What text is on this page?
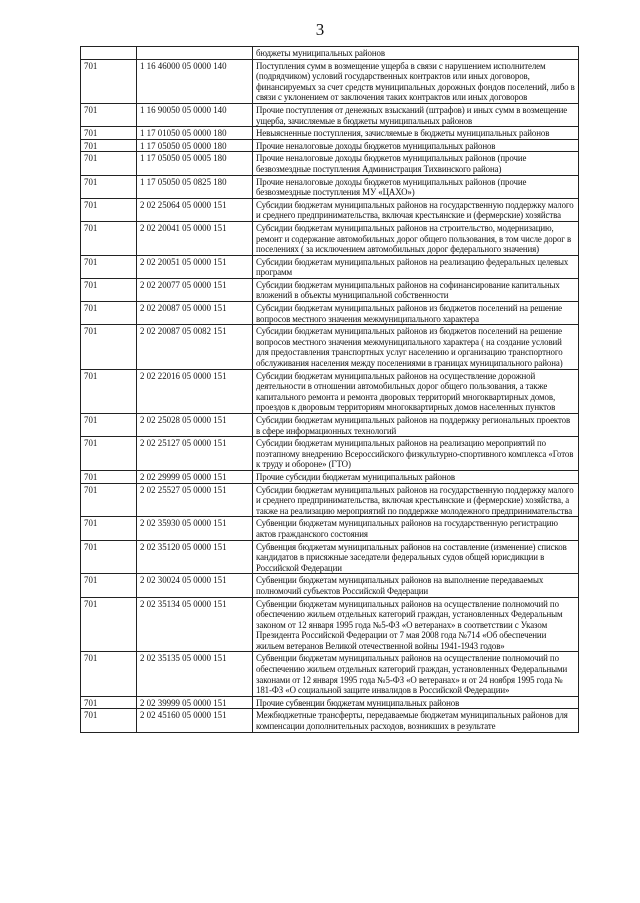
3
		бюджеты муниципальных районов
701	1 16 46000 05 0000 140	Поступления сумм в возмещение ущерба в связи с нарушением исполнителем (подрядчиком) условий государственных контрактов или иных договоров, финансируемых за счет средств муниципальных дорожных фондов поселений, либо в связи с уклонением от заключения таких контрактов или иных договоров
701	1 16 90050 05 0000 140	Прочие поступления от денежных взысканий (штрафов) и иных сумм в возмещение ущерба, зачисляемые в бюджеты муниципальных районов
701	1 17 01050 05 0000 180	Невыясненные поступления, зачисляемые в бюджеты муниципальных районов
701	1 17 05050 05 0000 180	Прочие неналоговые доходы бюджетов муниципальных районов
701	1 17 05050 05 0005 180	Прочие неналоговые доходы бюджетов муниципальных районов (прочие безвозмездные поступления Администрация Тихвинского района)
701	1 17 05050 05 0825 180	Прочие неналоговые доходы бюджетов муниципальных районов (прочие безвозмездные поступления МУ «ЦАХО»)
701	2 02 25064 05 0000 151	Субсидии бюджетам муниципальных районов на государственную поддержку малого и среднего предпринимательства, включая крестьянские и (фермерские) хозяйства
701	2 02 20041 05 0000 151	Субсидии бюджетам муниципальных районов на строительство, модернизацию, ремонт и содержание автомобильных дорог общего пользования, в том числе дорог в поселениях ( за исключением автомобильных дорог федерального значения)
701	2 02 20051 05 0000 151	Субсидии бюджетам муниципальных районов на реализацию федеральных целевых программ
701	2 02 20077 05 0000 151	Субсидии бюджетам муниципальных районов на софинансирование капитальных вложений в объекты муниципальной собственности
701	2 02 20087 05 0000 151	Субсидии бюджетам муниципальных районов из бюджетов поселений на решение вопросов местного значения межмуниципального характера
701	2 02 20087 05 0082 151	Субсидии бюджетам муниципальных районов из бюджетов поселений на решение вопросов местного значения межмуниципального характера ( на создание условий для предоставления транспортных услуг населению и организацию транспортного обслуживания населения между поселениями в границах муниципального района)
701	2 02 22016 05 0000 151	Субсидии бюджетам муниципальных районов на осуществление дорожной деятельности в отношении автомобильных дорог общего пользования, а также капитального ремонта и ремонта дворовых территорий многоквартирных домов, проездов к дворовым территориям многоквартирных домов населенных пунктов
701	2 02 25028 05 0000 151	Субсидии бюджетам муниципальных районов на поддержку региональных проектов в сфере информационных технологий
701	2 02 25127 05 0000 151	Субсидии бюджетам муниципальных районов на реализацию мероприятий по поэтапному внедрению Всероссийского физкультурно-спортивного комплекса «Готов к труду и обороне» (ГТО)
701	2 02 29999 05 0000 151	Прочие субсидии бюджетам муниципальных районов
701	2 02 25527 05 0000 151	Субсидии бюджетам муниципальных районов на государственную поддержку малого и среднего предпринимательства, включая крестьянские и (фермерские) хозяйства, а также на реализацию мероприятий по поддержке молодежного предпринимательства
701	2 02 35930 05 0000 151	Субвенции бюджетам муниципальных районов на государственную регистрацию актов гражданского состояния
701	2 02 35120 05 0000 151	Субвенция бюджетам муниципальных районов на составление (изменение) списков кандидатов в присяжные заседатели федеральных судов общей юрисдикции в Российской Федерации
701	2 02 30024 05 0000 151	Субвенции бюджетам муниципальных районов на выполнение передаваемых полномочий субъектов Российской Федерации
701	2 02 35134 05 0000 151	Субвенции бюджетам муниципальных районов на осуществление полномочий по обеспечению жильем отдельных категорий граждан, установленных Федеральным законом от 12 января 1995 года №5-ФЗ «О ветеранах» в соответствии с Указом Президента Российской Федерации от 7 мая 2008 года №714 «Об обеспечении жильем ветеранов Великой отечественной войны 1941-1943 годов»
701	2 02 35135 05 0000 151	Субвенции бюджетам муниципальных районов на осуществление полномочий по обеспечению жильем отдельных категорий граждан, установленных Федеральными законами от 12 января 1995 года №5-ФЗ «О ветеранах» и от 24 ноября 1995 года № 181-ФЗ «О социальной защите инвалидов в Российской Федерации»
701	2 02 39999 05 0000 151	Прочие субвенции бюджетам муниципальных районов
701	2 02 45160 05 0000 151	Межбюджетные трансферты, передаваемые бюджетам муниципальных районов для компенсации дополнительных расходов, возникших в результате
